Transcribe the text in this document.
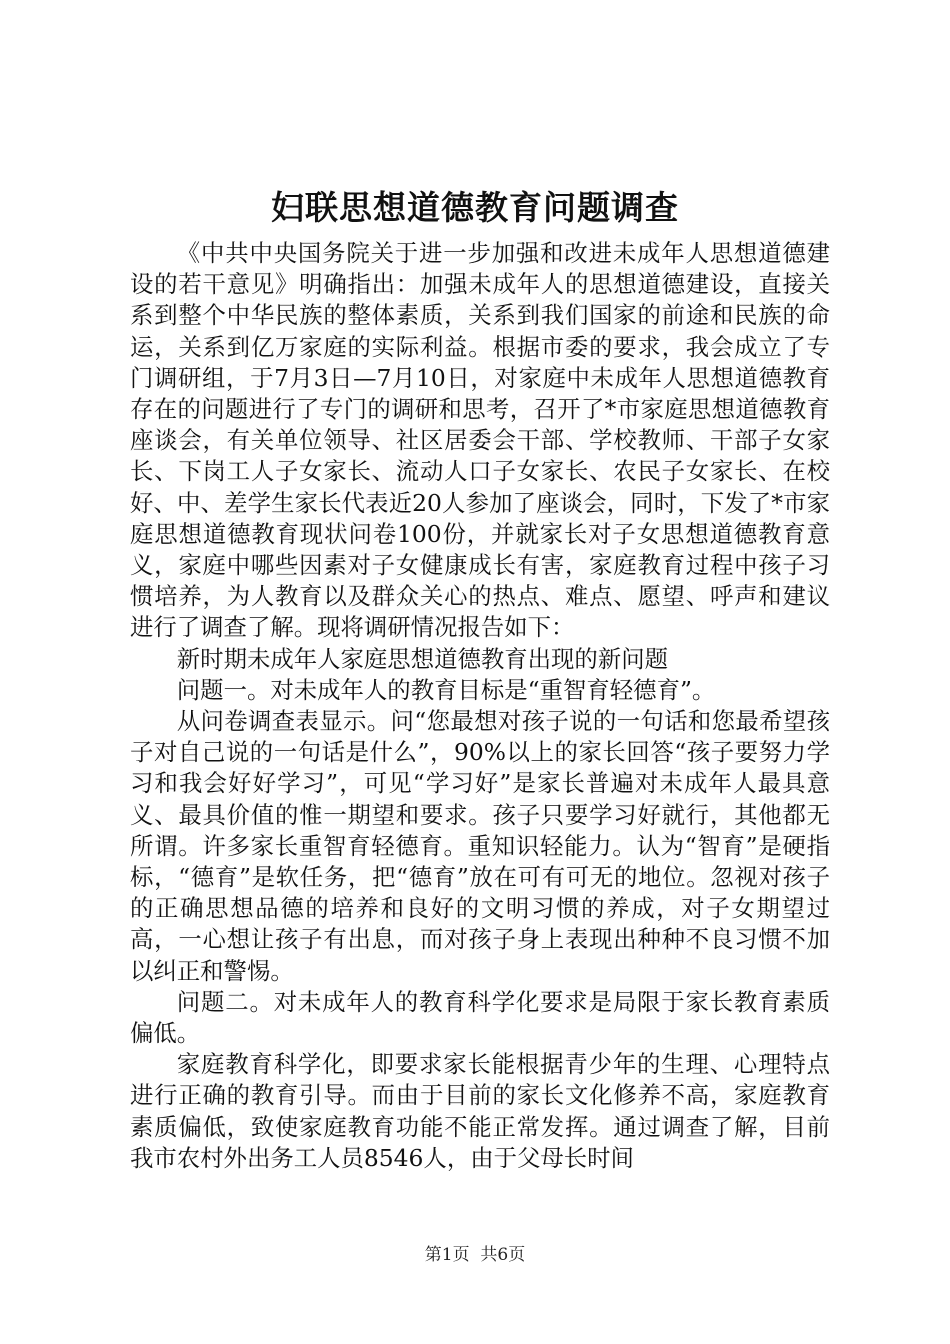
妇联思想道德教育问题调查

《中共中央国务院关于进一步加强和改进未成年人思想道德建设的若干意见》明确指出：加强未成年人的思想道德建设，直接关系到整个中华民族的整体素质，关系到我们国家的前途和民族的命运，关系到亿万家庭的实际利益。根据市委的要求，我会成立了专门调研组，于7月3日—7月10日，对家庭中未成年人思想道德教育存在的问题进行了专门的调研和思考，召开了*市家庭思想道德教育座谈会，有关单位领导、社区居委会干部、学校教师、干部子女家长、下岗工人子女家长、流动人口子女家长、农民子女家长、在校好、中、差学生家长代表近20人参加了座谈会，同时，下发了*市家庭思想道德教育现状问卷100份，并就家长对子女思想道德教育意义，家庭中哪些因素对子女健康成长有害，家庭教育过程中孩子习惯培养，为人教育以及群众关心的热点、难点、愿望、呼声和建议进行了调查了解。现将调研情况报告如下：

新时期未成年人家庭思想道德教育出现的新问题

问题一。对未成年人的教育目标是“重智育轻德育”。

从问卷调查表显示。问“您最想对孩子说的一句话和您最希望孩子对自己说的一句话是什么”，90%以上的家长回答“孩子要努力学习和我会好好学习”，可见“学习好”是家长普遍对未成年人最具意义、最具价值的惟一期望和要求。孩子只要学习好就行，其他都无所谓。许多家长重智育轻德育。重知识轻能力。认为“智育”是硬指标，“德育”是软任务，把“德育”放在可有可无的地位。忽视对孩子的正确思想品德的培养和良好的文明习惯的养成，对子女期望过高，一心想让孩子有出息，而对孩子身上表现出种种不良习惯不加以纠正和警惕。

问题二。对未成年人的教育科学化要求是局限于家长教育素质偏低。

家庭教育科学化，即要求家长能根据青少年的生理、心理特点进行正确的教育引导。而由于目前的家长文化修养不高，家庭教育素质偏低，致使家庭教育功能不能正常发挥。通过调查了解，目前我市农村外出务工人员8546人，由于父母长时间

第1页  共6页
